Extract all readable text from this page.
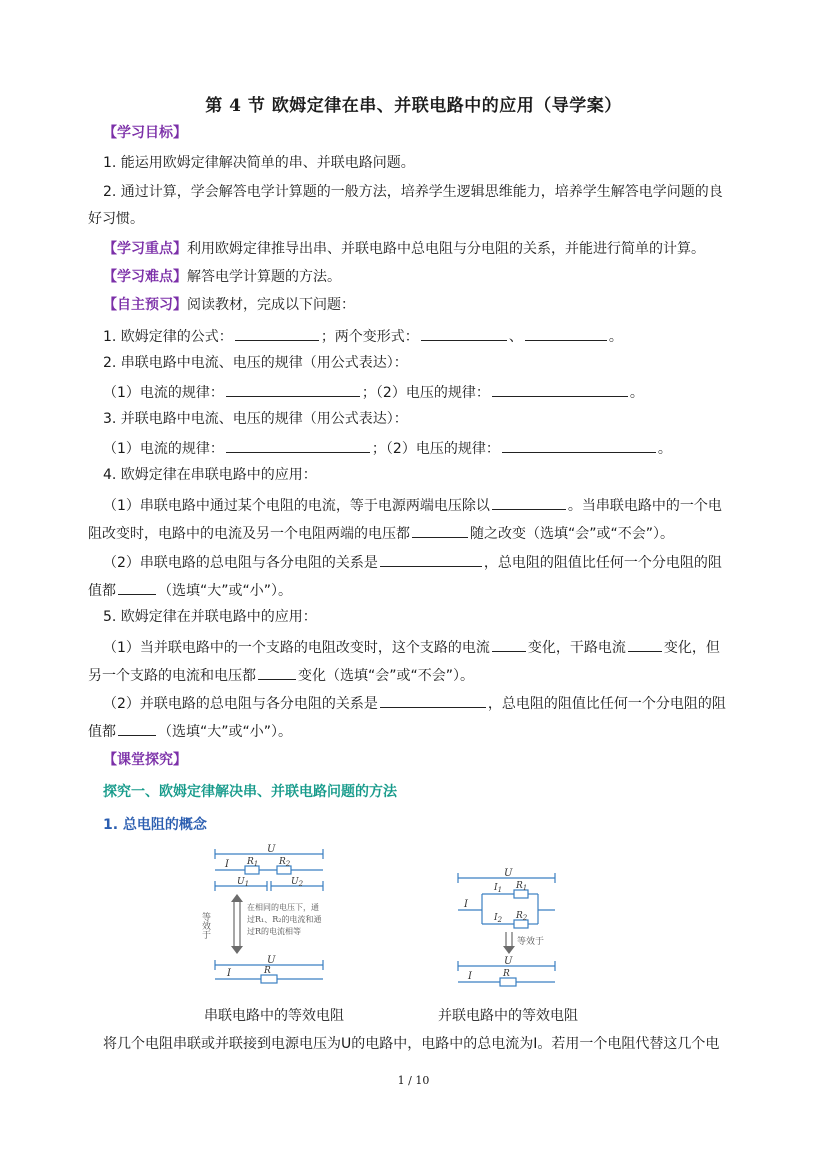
第 4 节 欧姆定律在串、并联电路中的应用（导学案）
【学习目标】
1. 能运用欧姆定律解决简单的串、并联电路问题。
2. 通过计算，学会解答电学计算题的一般方法，培养学生逻辑思维能力，培养学生解答电学问题的良
好习惯。
【学习重点】利用欧姆定律推导出串、并联电路中总电阻与分电阻的关系，并能进行简单的计算。
【学习难点】解答电学计算题的方法。
【自主预习】阅读教材，完成以下问题：
1. 欧姆定律的公式：	；两个变形式：	、	。
2. 串联电路中电流、电压的规律（用公式表达）：
（1）电流的规律：	；（2）电压的规律：	。
3. 并联电路中电流、电压的规律（用公式表达）：
（1）电流的规律：	；（2）电压的规律：	。
4. 欧姆定律在串联电路中的应用：
（1）串联电路中通过某个电阻的电流，等于电源两端电压除以	。当串联电路中的一个电
阻改变时，电路中的电流及另一个电阻两端的电压都	随之改变（选填“会”或“不会”）。
（2）串联电路的总电阻与各分电阻的关系是	，总电阻的阻值比任何一个分电阻的阻
值都	（选填“大”或“小”）。
5. 欧姆定律在并联电路中的应用：
（1）当并联电路中的一个支路的电阻改变时，这个支路的电流	变化，干路电流	变化，但
另一个支路的电流和电压都	变化（选填“会”或“不会”）。
（2）并联电路的总电阻与各分电阻的关系是	，总电阻的阻值比任何一个分电阻的阻
值都	（选填“大”或“小”）。
【课堂探究】
探究一、欧姆定律解决串、并联电路问题的方法
1. 总电阻的概念
U
I $R_1$ $R_2$
$U_1$	$U_2$
等效于
在相同的电压下，通
过R₁、R₂的电流和通
过R的电流相等
U
I	R
U
I
$I_1$ $R_1$
$I_2$ $R_2$
等效于
U
I	R
串联电路中的等效电阻	并联电路中的等效电阻
将几个电阻串联或并联接到电源电压为U的电路中，电路中的总电流为I。若用一个电阻代替这几个电
1 / 10
